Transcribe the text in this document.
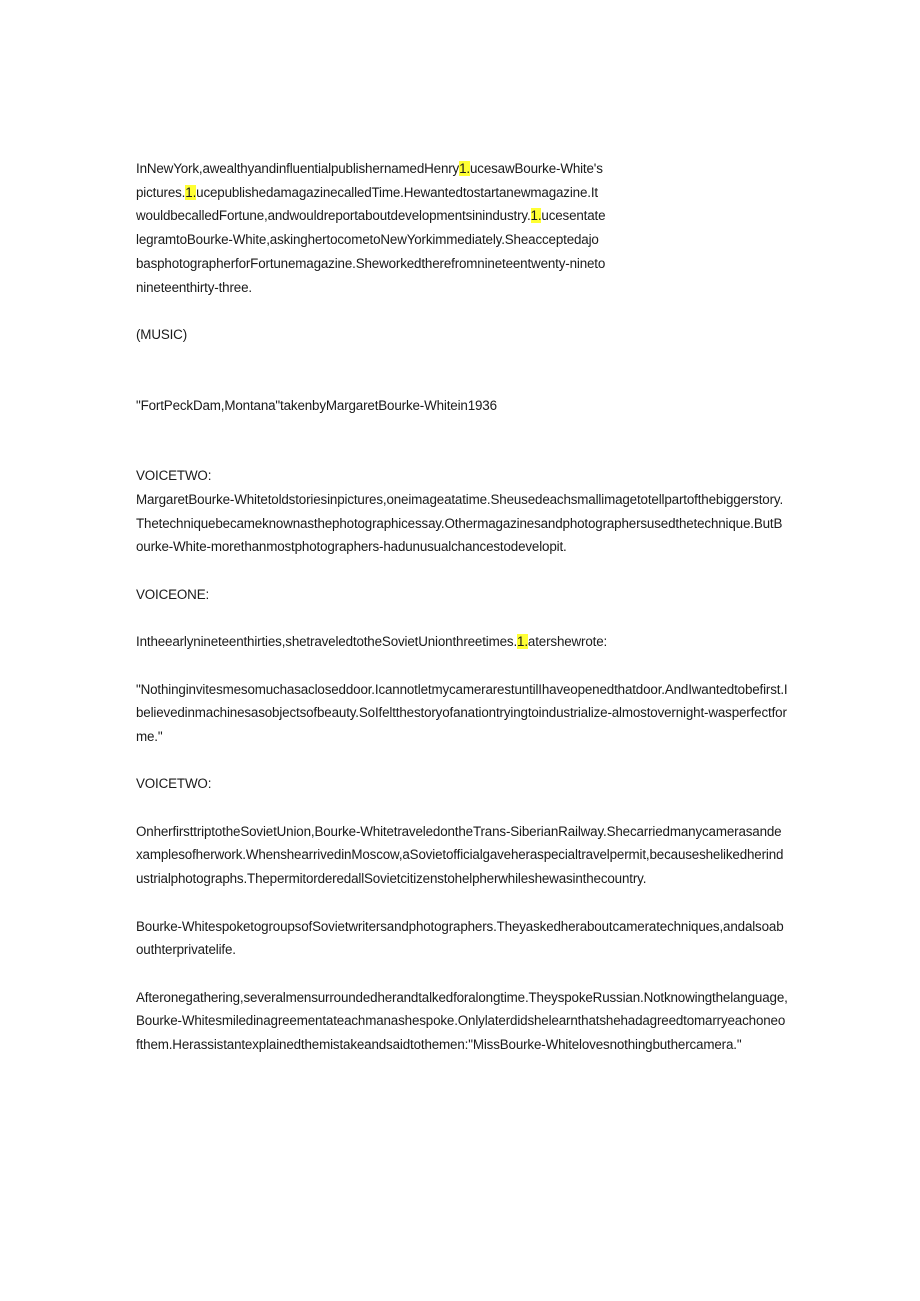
InNewYork,awealthyandinfluentialpublishernamedHenry1.ucesawBourke-White'spictures.1.ucepublishedamagazinecalledTime.Hewantedtostartanewmagazine.ItwouldbecalledFortune,andwouldreportaboutdevelopmentsinindustry.1.ucesentatelegramtoBourke-White,askinghertocometoNewYorkimmediately.SheacceptedajobasphotographerforFortunemagazine.Sheworkedtherefromnineteentwenty-ninetonineteenthirty-three.

(MUSIC)

"FortPeckDam,Montana"takenbyMargaretBourke-Whitein1936

VOICETWO:

MargaretBourke-Whitetoldstoriesinpictures,oneimageatatime.Sheusedeachsmallimagetotellpartofthebiggerstory.Thetechniquebecameknownasthephotographicessay.Othermagazinesandphotographersusedthetechnique.ButBourke-White-morethanmostphotographers-hadunusualchancestodevelopit.

VOICEONE:

Intheearlynineteenthirties,shetraveledtotheSovietUnionthreetimes.1.atershewrote:

"Nothinginvitesmesomuchasacloseddoor.IcannotletmycamerarestuntilIhaveopenedthatdoor.AndIwantedtobefirst.Ibelievedinmachinesasobjectsofbeauty.SoIfeltthestoryofanationtryingtoindustrialize-almostovernight-wasperfectforme."

VOICETWO:

OnherfirsttriptotheSovietUnion,Bourke-WhitetraveledontheTrans-SiberianRailway.Shecarriedmanycamerasandexamplesofherwork.WhenshearrivedinMoscow,aSovietofficialgaveheraspecialtravelpermit,becauseshelikedherindustrialphotographs.ThepermitorderedallSovietcitizenstohelpherwhileshewasinthecountry.

Bourke-WhitespoketogroupsofSovietwritersandphotographers.Theyaskedheraboutcameratechniques,andalsoabouthterprivatelife.

Afteronegathering,severalmensurroundedherandtalkedforalongtime.TheyspokeRussian.Notknowingthelanguage,Bourke-Whitesmiledinagreementateachmanashespoke.Onlylaterdidshelearnthatshehadagreedtomarryeachoneofthem.Herassistantexplainedthemistakeandsaidtothemen:"MissBourke-Whitelovesnothingbuthercamera."
